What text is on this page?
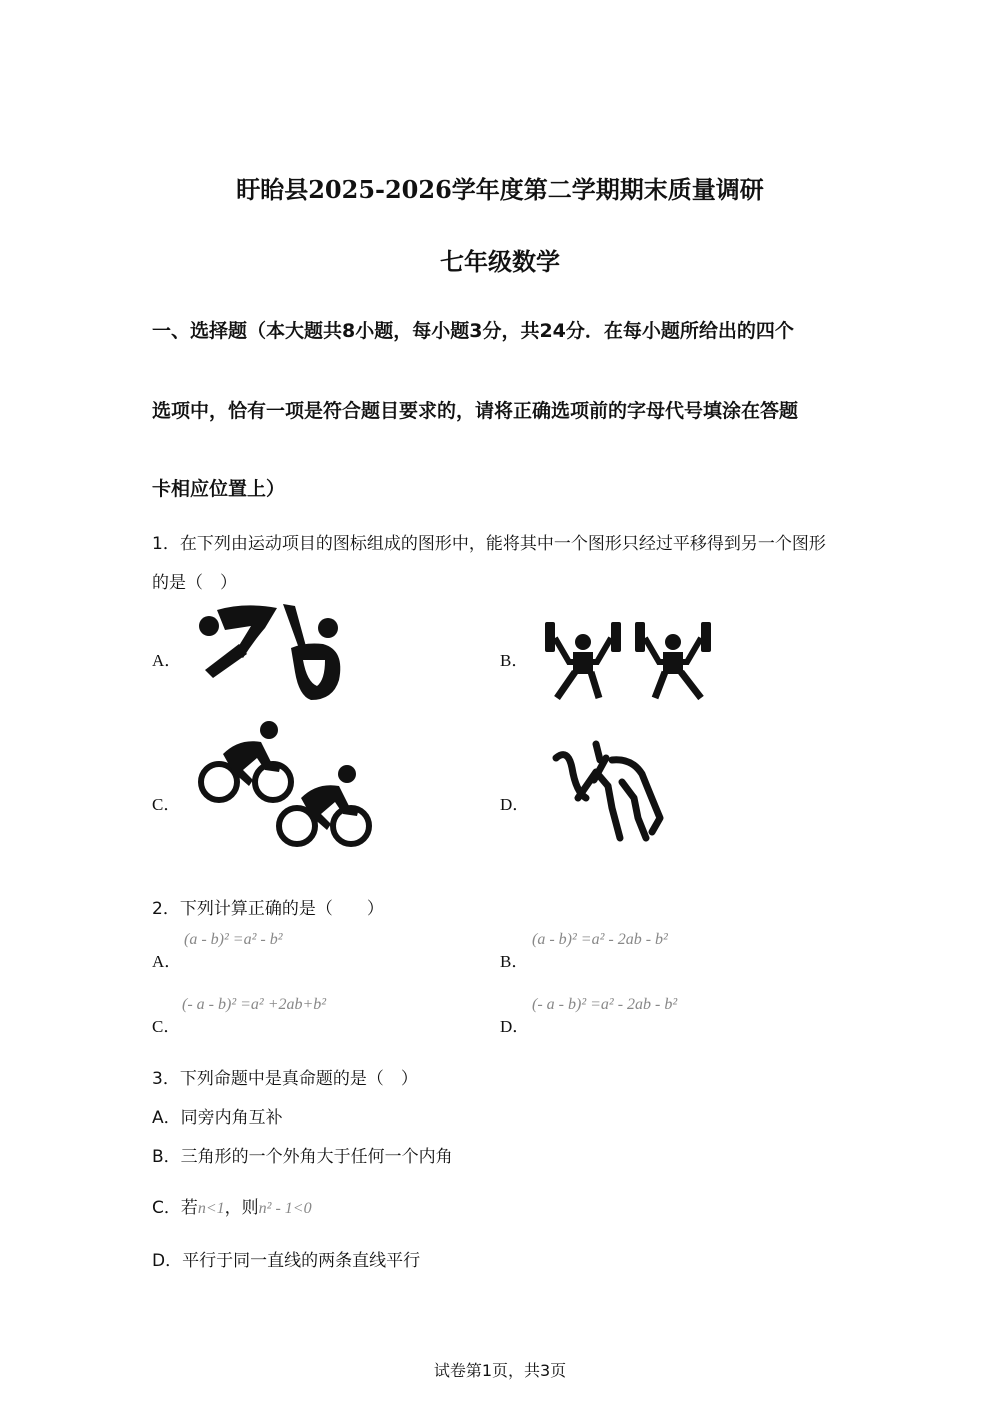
盱眙县2025-2026学年度第二学期期末质量调研
七年级数学
一、选择题（本大题共8小题，每小题3分，共24分．在每小题所给出的四个
选项中，恰有一项是符合题目要求的，请将正确选项前的字母代号填涂在答题
卡相应位置上）
1．在下列由运动项目的图标组成的图形中，能将其中一个图形只经过平移得到另一个图形
的是（　）
A．	B．
C．	D．
2．下列计算正确的是（　　）
A．
(a - b)² =a² - b²
B．
(a - b)² =a² - 2ab - b²
C．
(- a - b)² =a² +2ab+b²
D．
(- a - b)² =a² - 2ab - b²
3．下列命题中是真命题的是（　）
A．同旁内角互补
B．三角形的一个外角大于任何一个内角
C．若n<1，则n² - 1<0
D．平行于同一直线的两条直线平行
试卷第1页，共3页
